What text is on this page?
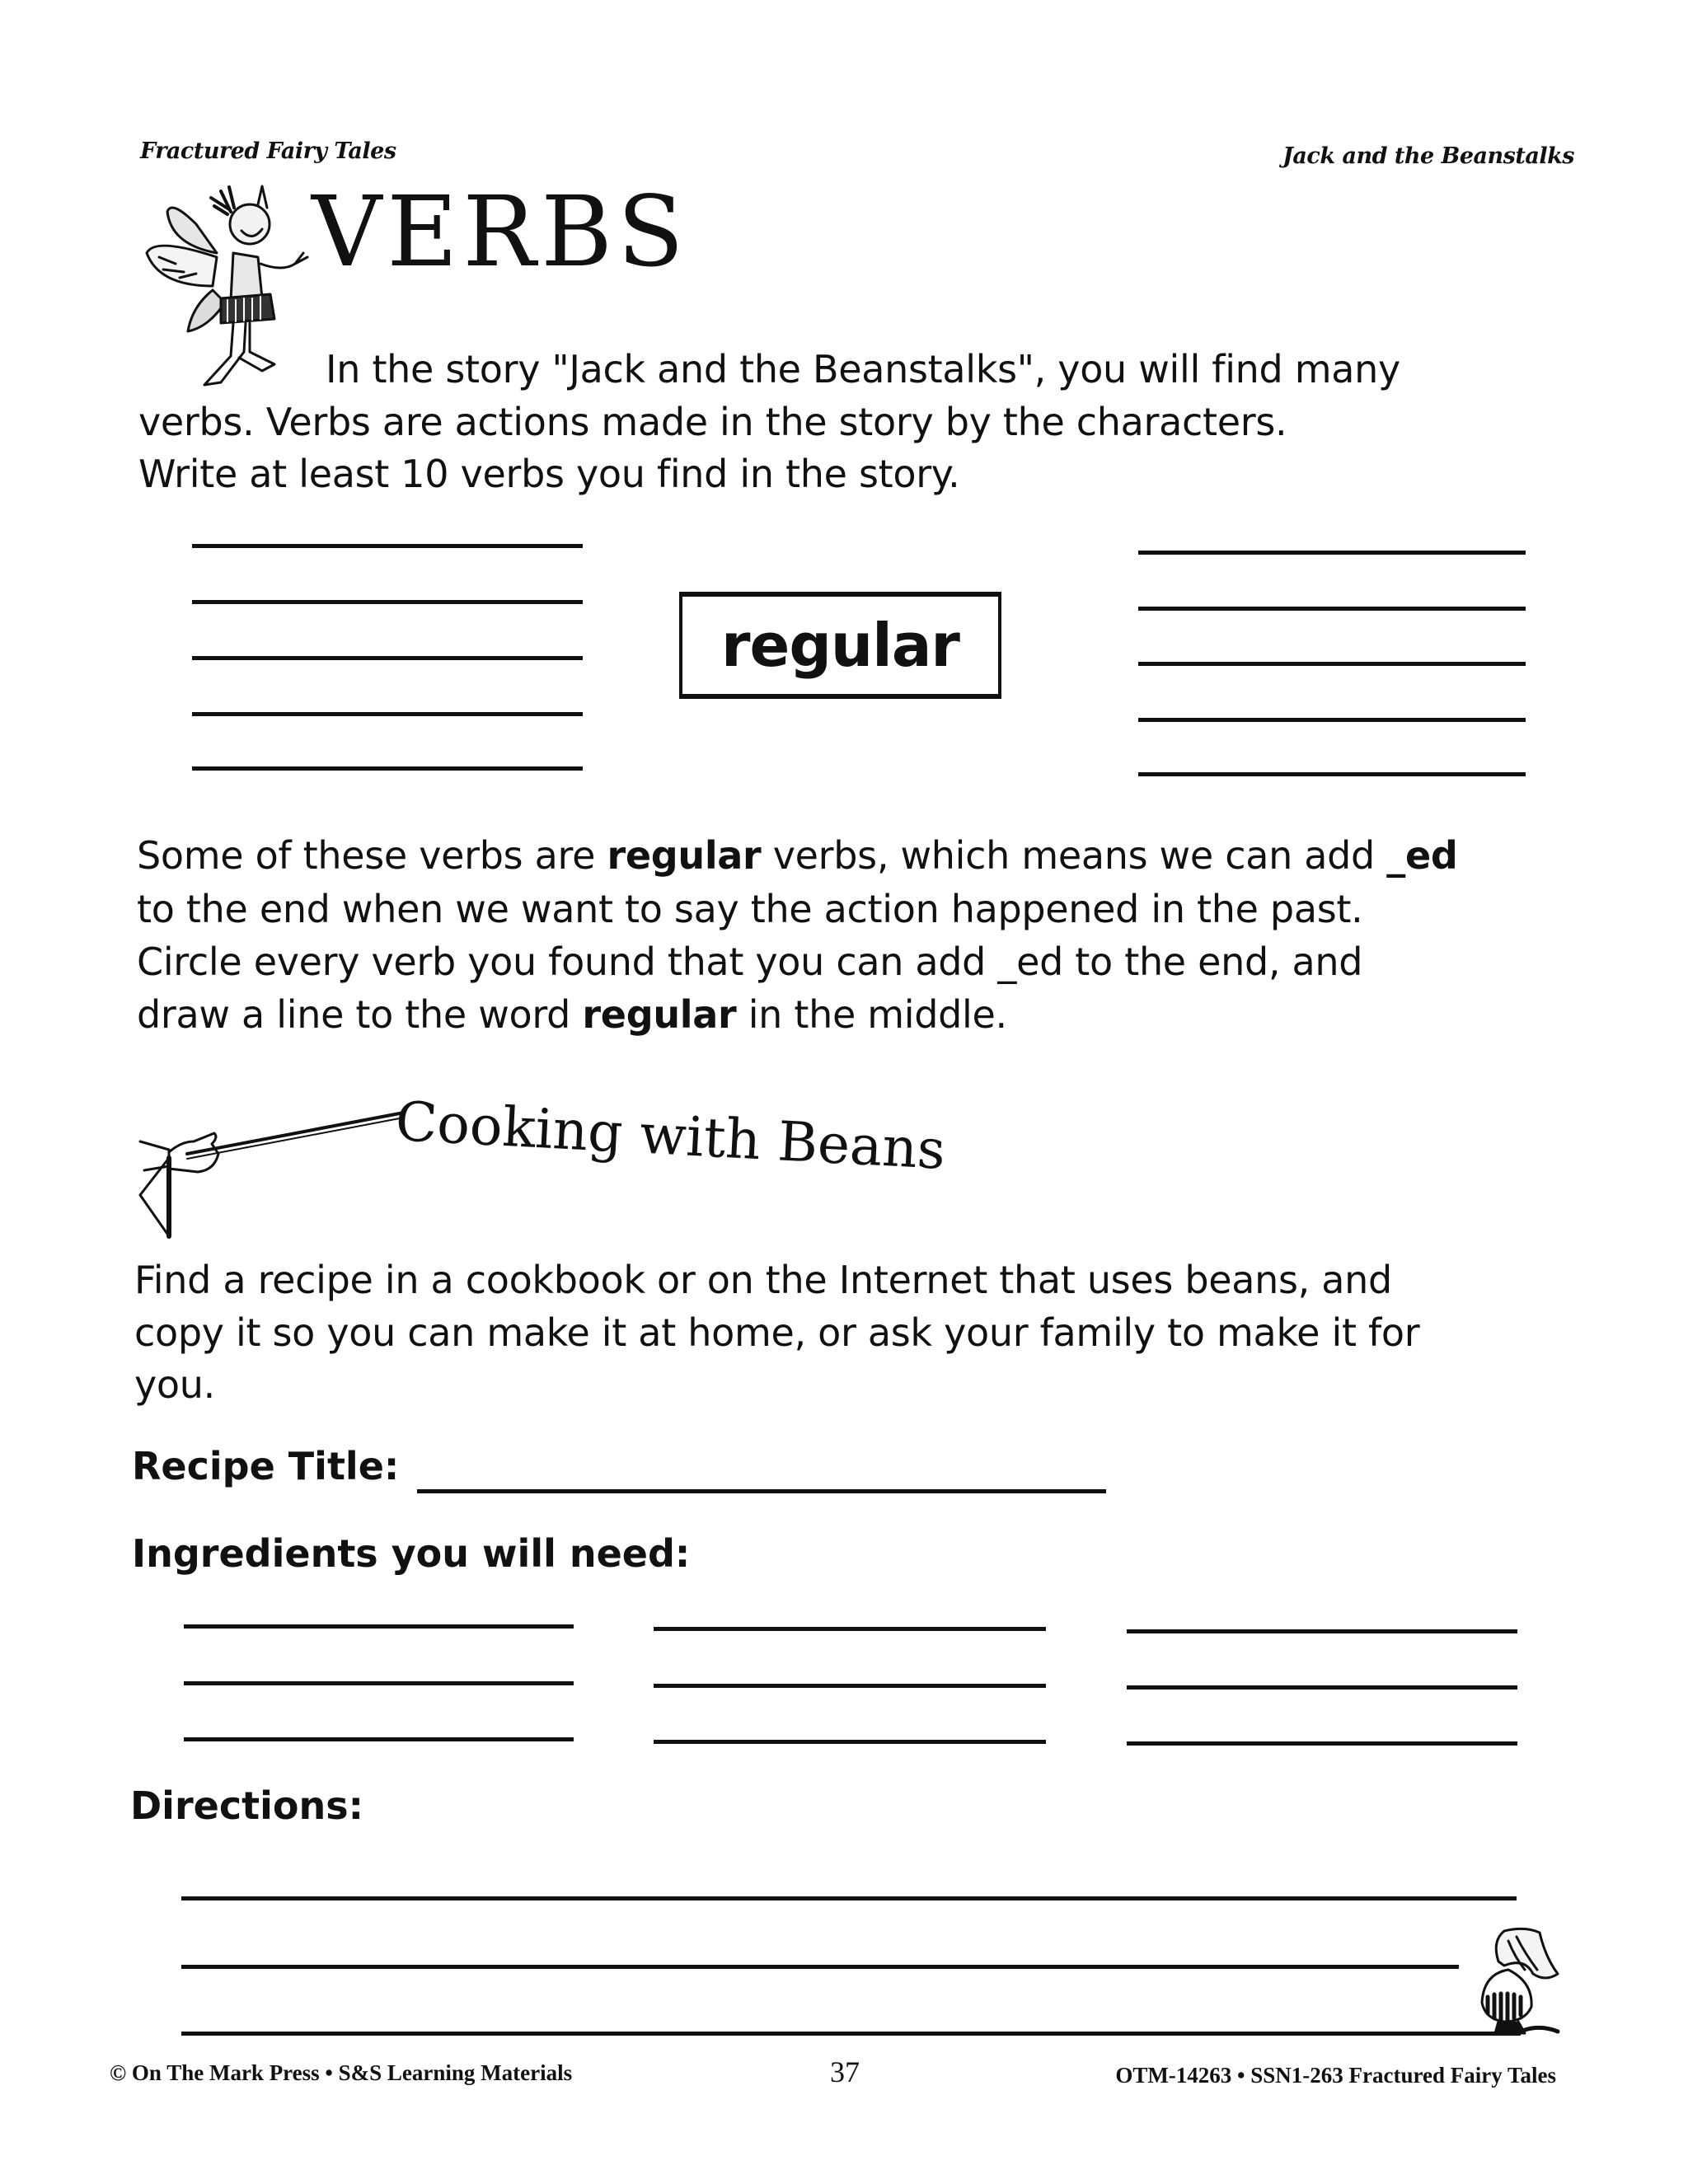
Fractured Fairy Tales	Jack and the Beanstalks
VERBS
In the story "Jack and the Beanstalks", you will find many
verbs. Verbs are actions made in the story by the characters.
Write at least 10 verbs you find in the story.
regular
Some of these verbs are regular verbs, which means we can add _ed
to the end when we want to say the action happened in the past.
Circle every verb you found that you can add _ed to the end, and
draw a line to the word regular in the middle.
Cooking with Beans
Find a recipe in a cookbook or on the Internet that uses beans, and
copy it so you can make it at home, or ask your family to make it for
you.
Recipe Title:
Ingredients you will need:
Directions:
© On The Mark Press • S&S Learning Materials	37	OTM-14263 • SSN1-263 Fractured Fairy Tales
